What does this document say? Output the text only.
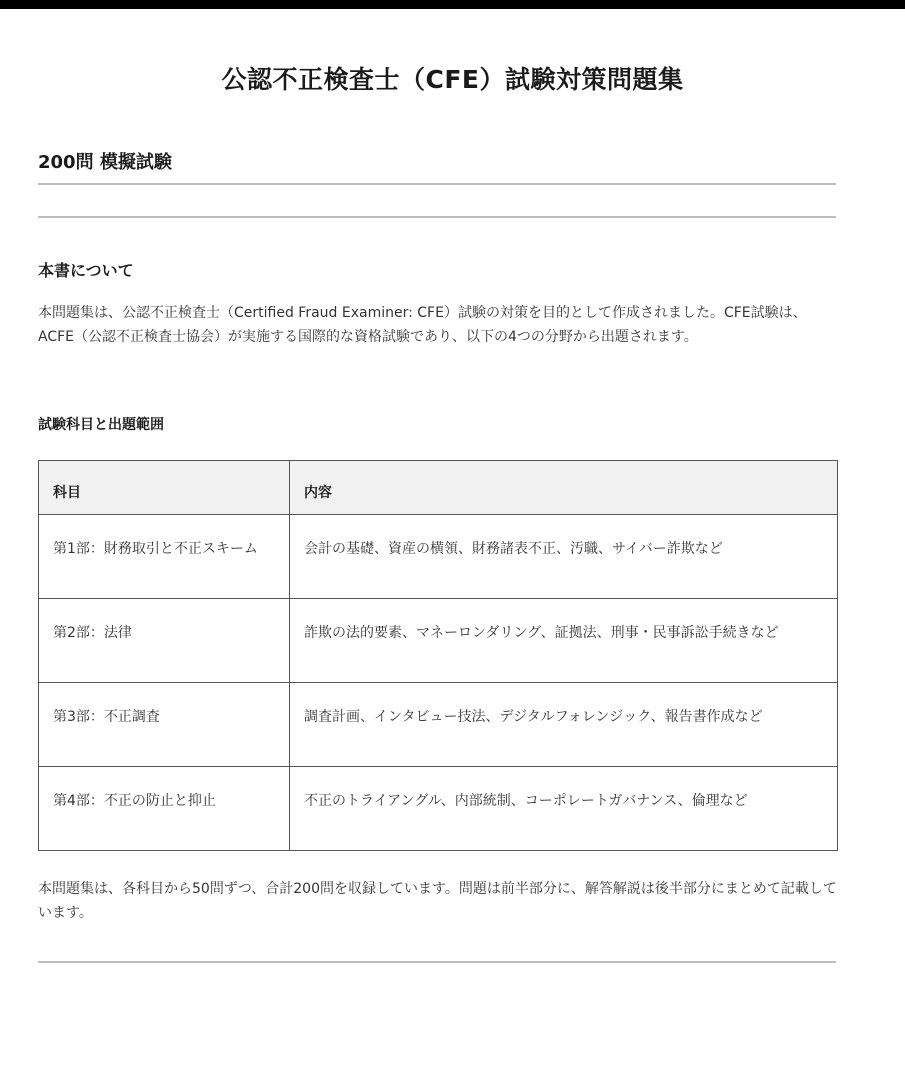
公認不正検査士（CFE）試験対策問題集
200問 模擬試験
本書について
本問題集は、公認不正検査士（Certified Fraud Examiner: CFE）試験の対策を目的として作成されました。CFE試験は、ACFE（公認不正検査士協会）が実施する国際的な資格試験であり、以下の4つの分野から出題されます。
試験科目と出題範囲
科目	内容
第1部：財務取引と不正スキーム	会計の基礎、資産の横領、財務諸表不正、汚職、サイバー詐欺など
第2部：法律	詐欺の法的要素、マネーロンダリング、証拠法、刑事・民事訴訟手続きなど
第3部：不正調査	調査計画、インタビュー技法、デジタルフォレンジック、報告書作成など
第4部：不正の防止と抑止	不正のトライアングル、内部統制、コーポレートガバナンス、倫理など
本問題集は、各科目から50問ずつ、合計200問を収録しています。問題は前半部分に、解答解説は後半部分にまとめて記載しています。
